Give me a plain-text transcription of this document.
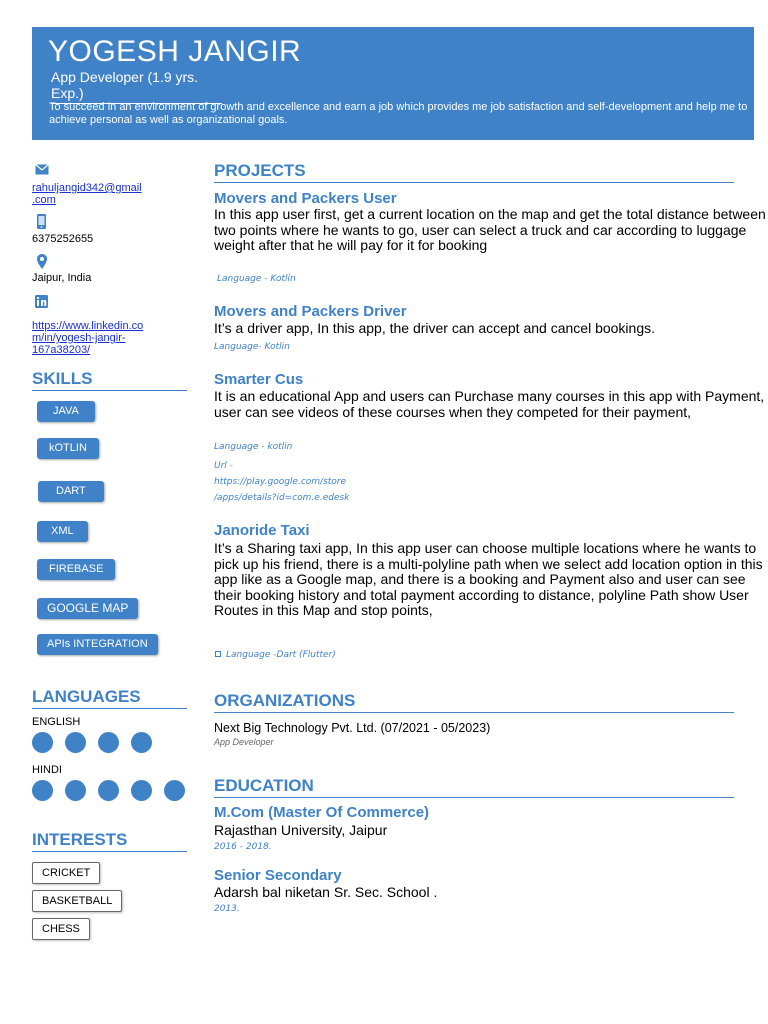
YOGESH JANGIR
App Developer (1.9 yrs. Exp.)
To succeed in an environment of growth and excellence and earn a job which provides me job satisfaction and self-development and help me to achieve personal as well as organizational goals.
rahuljangid342@gmail
.com
6375252655
Jaipur, India
https://www.linkedin.co
m/in/yogesh-jangir-
167a38203/
SKILLS
JAVA
kOTLIN
DART
XML
FIREBASE
GOOGLE MAP
APIs INTEGRATION
LANGUAGES
ENGLISH
HINDI
INTERESTS
CRICKET
BASKETBALL
CHESS
PROJECTS
Movers and Packers User
In this app user first, get a current location on the map and get the total distance between two points where he wants to go, user can select a truck and car according to luggage weight after that he will pay for it for booking
Language - Kotlin
Movers and Packers Driver
It’s a driver app, In this app, the driver can accept and cancel bookings.
Language- Kotlin
Smarter Cus
It is an educational App and users can Purchase many courses in this app with Payment, user can see videos of these courses when they competed for their payment,
Language - kotlin
Url -
https://play.google.com/store
/apps/details?id=com.e.edesk
Janoride Taxi
It’s a Sharing taxi app, In this app user can choose multiple locations where he wants to pick up his friend, there is a multi-polyline path when we select add location option in this app like as a Google map, and there is a booking and Payment also and user can see their booking history and total payment according to distance, polyline Path show User Routes in this Map and stop points,
Language -Dart (Flutter)
ORGANIZATIONS
Next Big Technology Pvt. Ltd. (07/2021 - 05/2023)
App Developer
EDUCATION
M.Com (Master Of Commerce)
Rajasthan University, Jaipur
2016 - 2018.
Senior Secondary
Adarsh bal niketan Sr. Sec. School .
2013.
